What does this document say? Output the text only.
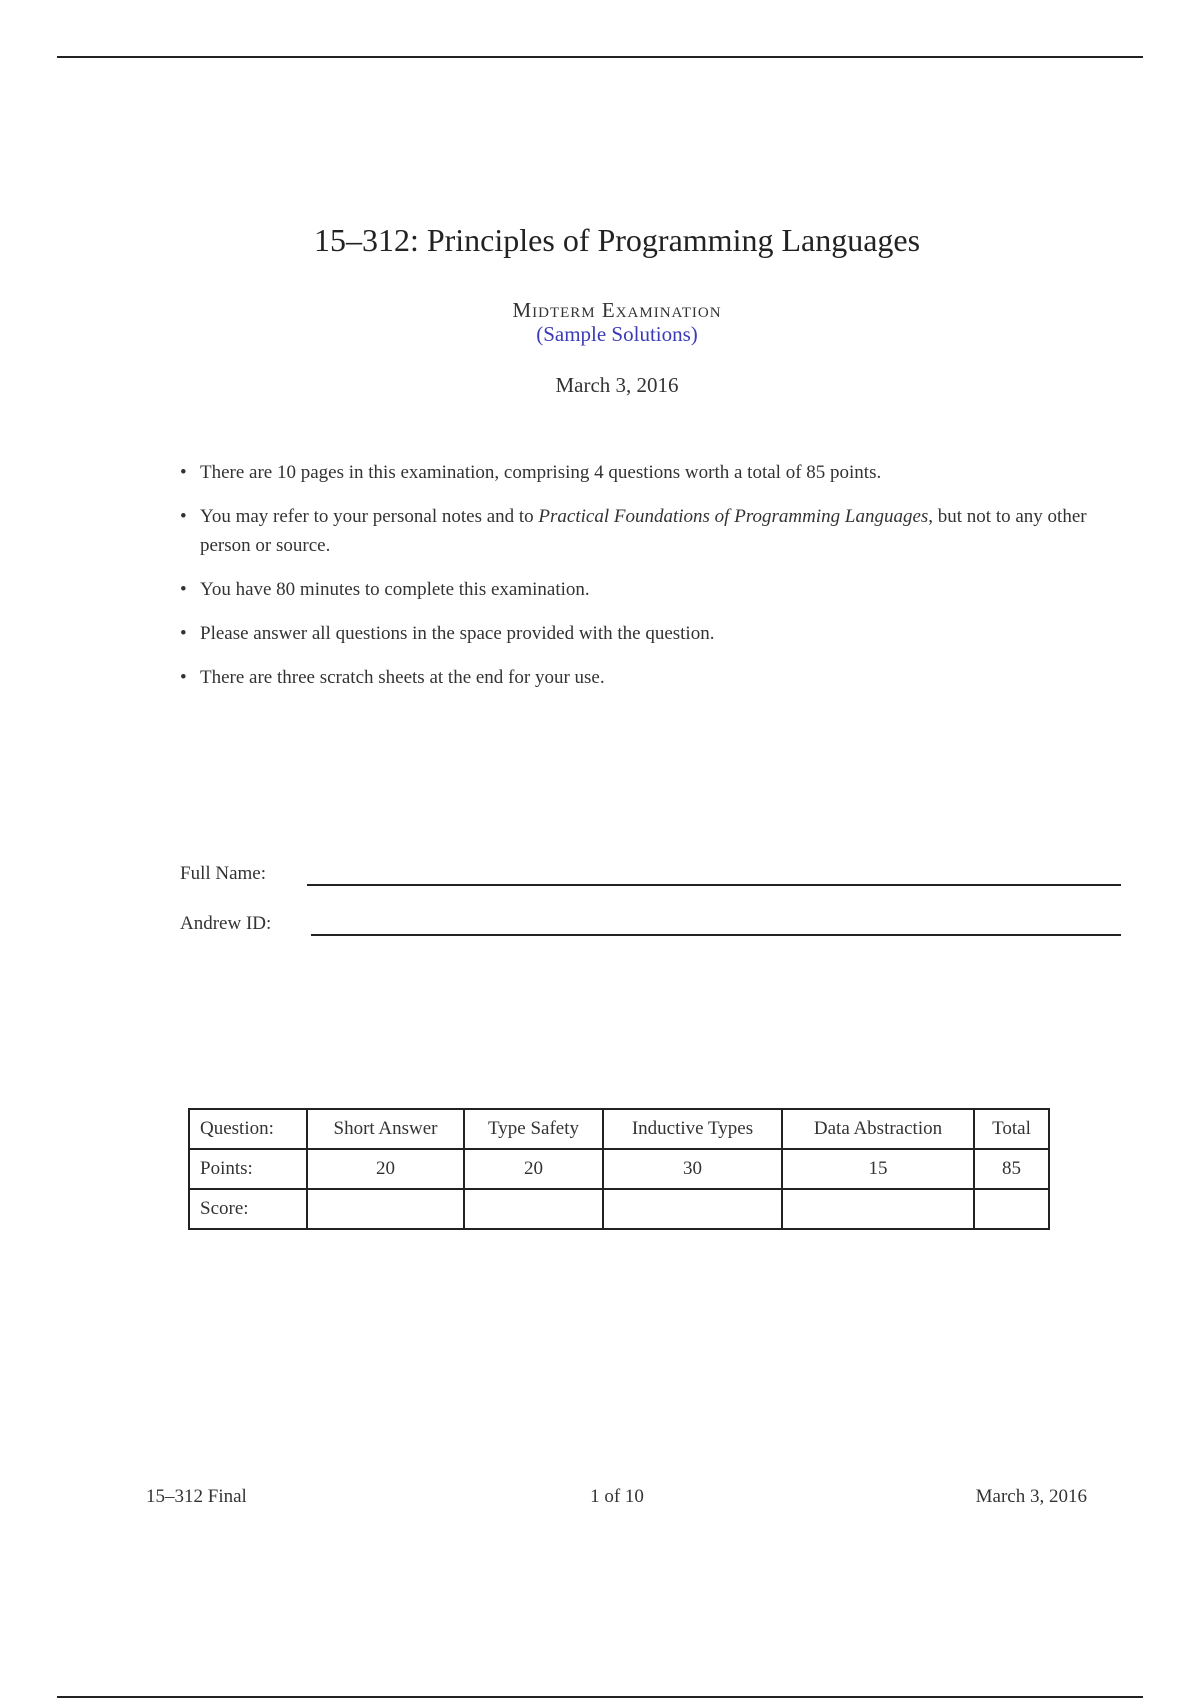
15–312: Principles of Programming Languages
Midterm Examination
(Sample Solutions)
March 3, 2016
• There are 10 pages in this examination, comprising 4 questions worth a total of 85 points.
• You may refer to your personal notes and to Practical Foundations of Programming Languages, but not to any other person or source.
• You have 80 minutes to complete this examination.
• Please answer all questions in the space provided with the question.
• There are three scratch sheets at the end for your use.
Full Name:
Andrew ID:
Question:	Short Answer	Type Safety	Inductive Types	Data Abstraction	Total
Points:	20	20	30	15	85
Score:					
15–312 Final	1 of 10	March 3, 2016
